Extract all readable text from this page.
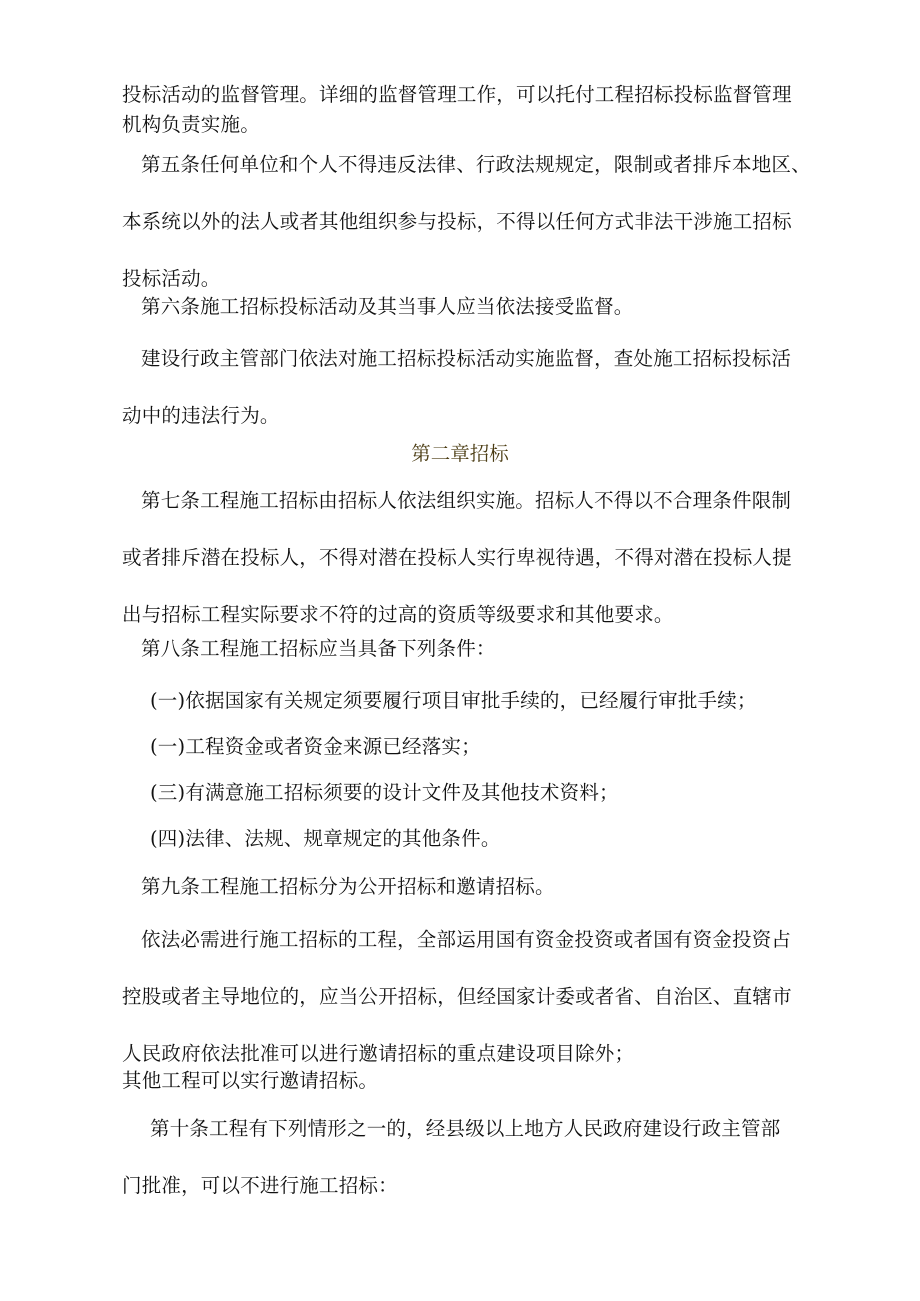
投标活动的监督管理。详细的监督管理工作，可以托付工程招标投标监督管理
机构负责实施。

第五条任何单位和个人不得违反法律、行政法规规定，限制或者排斥本地区、
本系统以外的法人或者其他组织参与投标，不得以任何方式非法干涉施工招标
投标活动。

第六条施工招标投标活动及其当事人应当依法接受监督。

建设行政主管部门依法对施工招标投标活动实施监督，查处施工招标投标活
动中的违法行为。

第二章招标

第七条工程施工招标由招标人依法组织实施。招标人不得以不合理条件限制
或者排斥潜在投标人，不得对潜在投标人实行卑视待遇，不得对潜在投标人提
出与招标工程实际要求不符的过高的资质等级要求和其他要求。

第八条工程施工招标应当具备下列条件：

(一)依据国家有关规定须要履行项目审批手续的，已经履行审批手续；

(一)工程资金或者资金来源已经落实；

(三)有满意施工招标须要的设计文件及其他技术资料；

(四)法律、法规、规章规定的其他条件。

第九条工程施工招标分为公开招标和邀请招标。

依法必需进行施工招标的工程，全部运用国有资金投资或者国有资金投资占
控股或者主导地位的，应当公开招标，但经国家计委或者省、自治区、直辖市
人民政府依法批准可以进行邀请招标的重点建设项目除外；

其他工程可以实行邀请招标。

第十条工程有下列情形之一的，经县级以上地方人民政府建设行政主管部
门批准，可以不进行施工招标：
